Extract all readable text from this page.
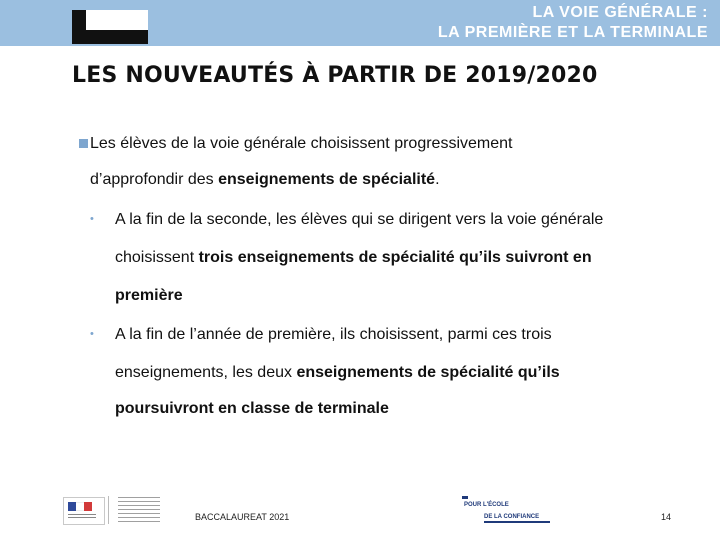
LA VOIE GÉNÉRALE :
LA PREMIÈRE ET LA TERMINALE
LES NOUVEAUTÉS À PARTIR DE 2019/2020
Les élèves de la voie générale choisissent progressivement
d’approfondir des enseignements de spécialité.
• A la fin de la seconde, les élèves qui se dirigent vers la voie générale
choisissent trois enseignements de spécialité qu’ils suivront en
première
• A la fin de l’année de première, ils choisissent, parmi ces trois
enseignements, les deux enseignements de spécialité qu’ils
poursuivront en classe de terminale
BACCALAUREAT 2021
POUR L'ÉCOLE
DE LA CONFIANCE	14
